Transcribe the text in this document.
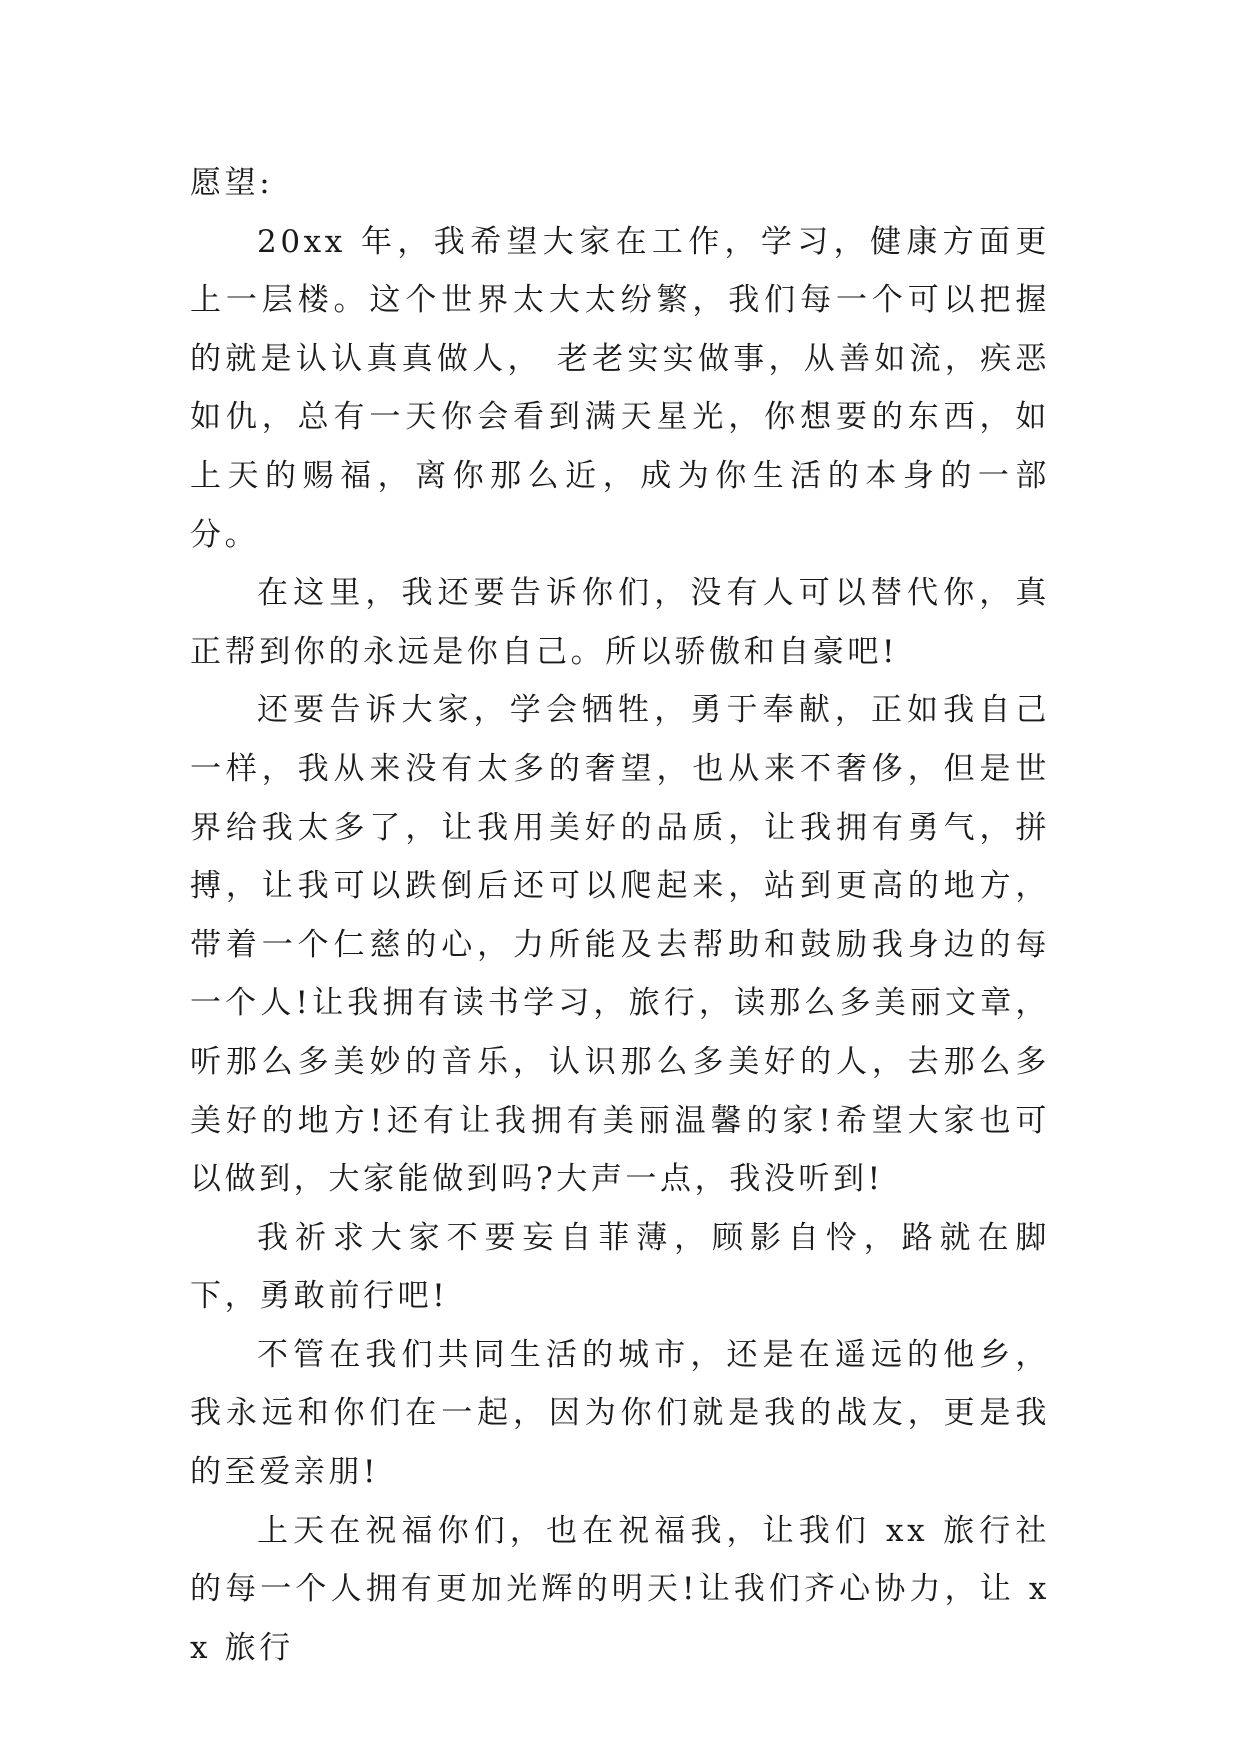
愿望:

20xx 年，我希望大家在工作，学习，健康方面更上一层楼。这个世界太大太纷繁，我们每一个可以把握的就是认认真真做人， 老老实实做事，从善如流，疾恶如仇，总有一天你会看到满天星光，你想要的东西，如上天的赐福，离你那么近，成为你生活的本身的一部分。

在这里，我还要告诉你们，没有人可以替代你，真正帮到你的永远是你自己。所以骄傲和自豪吧!

还要告诉大家，学会牺牲，勇于奉献，正如我自己一样，我从来没有太多的奢望，也从来不奢侈，但是世界给我太多了，让我用美好的品质，让我拥有勇气，拼搏，让我可以跌倒后还可以爬起来，站到更高的地方，带着一个仁慈的心，力所能及去帮助和鼓励我身边的每一个人!让我拥有读书学习，旅行，读那么多美丽文章，听那么多美妙的音乐，认识那么多美好的人，去那么多美好的地方!还有让我拥有美丽温馨的家!希望大家也可以做到，大家能做到吗?大声一点，我没听到!

我祈求大家不要妄自菲薄，顾影自怜，路就在脚下，勇敢前行吧!

不管在我们共同生活的城市，还是在遥远的他乡，我永远和你们在一起，因为你们就是我的战友，更是我的至爱亲朋!

上天在祝福你们，也在祝福我，让我们 xx 旅行社的每一个人拥有更加光辉的明天!让我们齐心协力，让 xx 旅行
